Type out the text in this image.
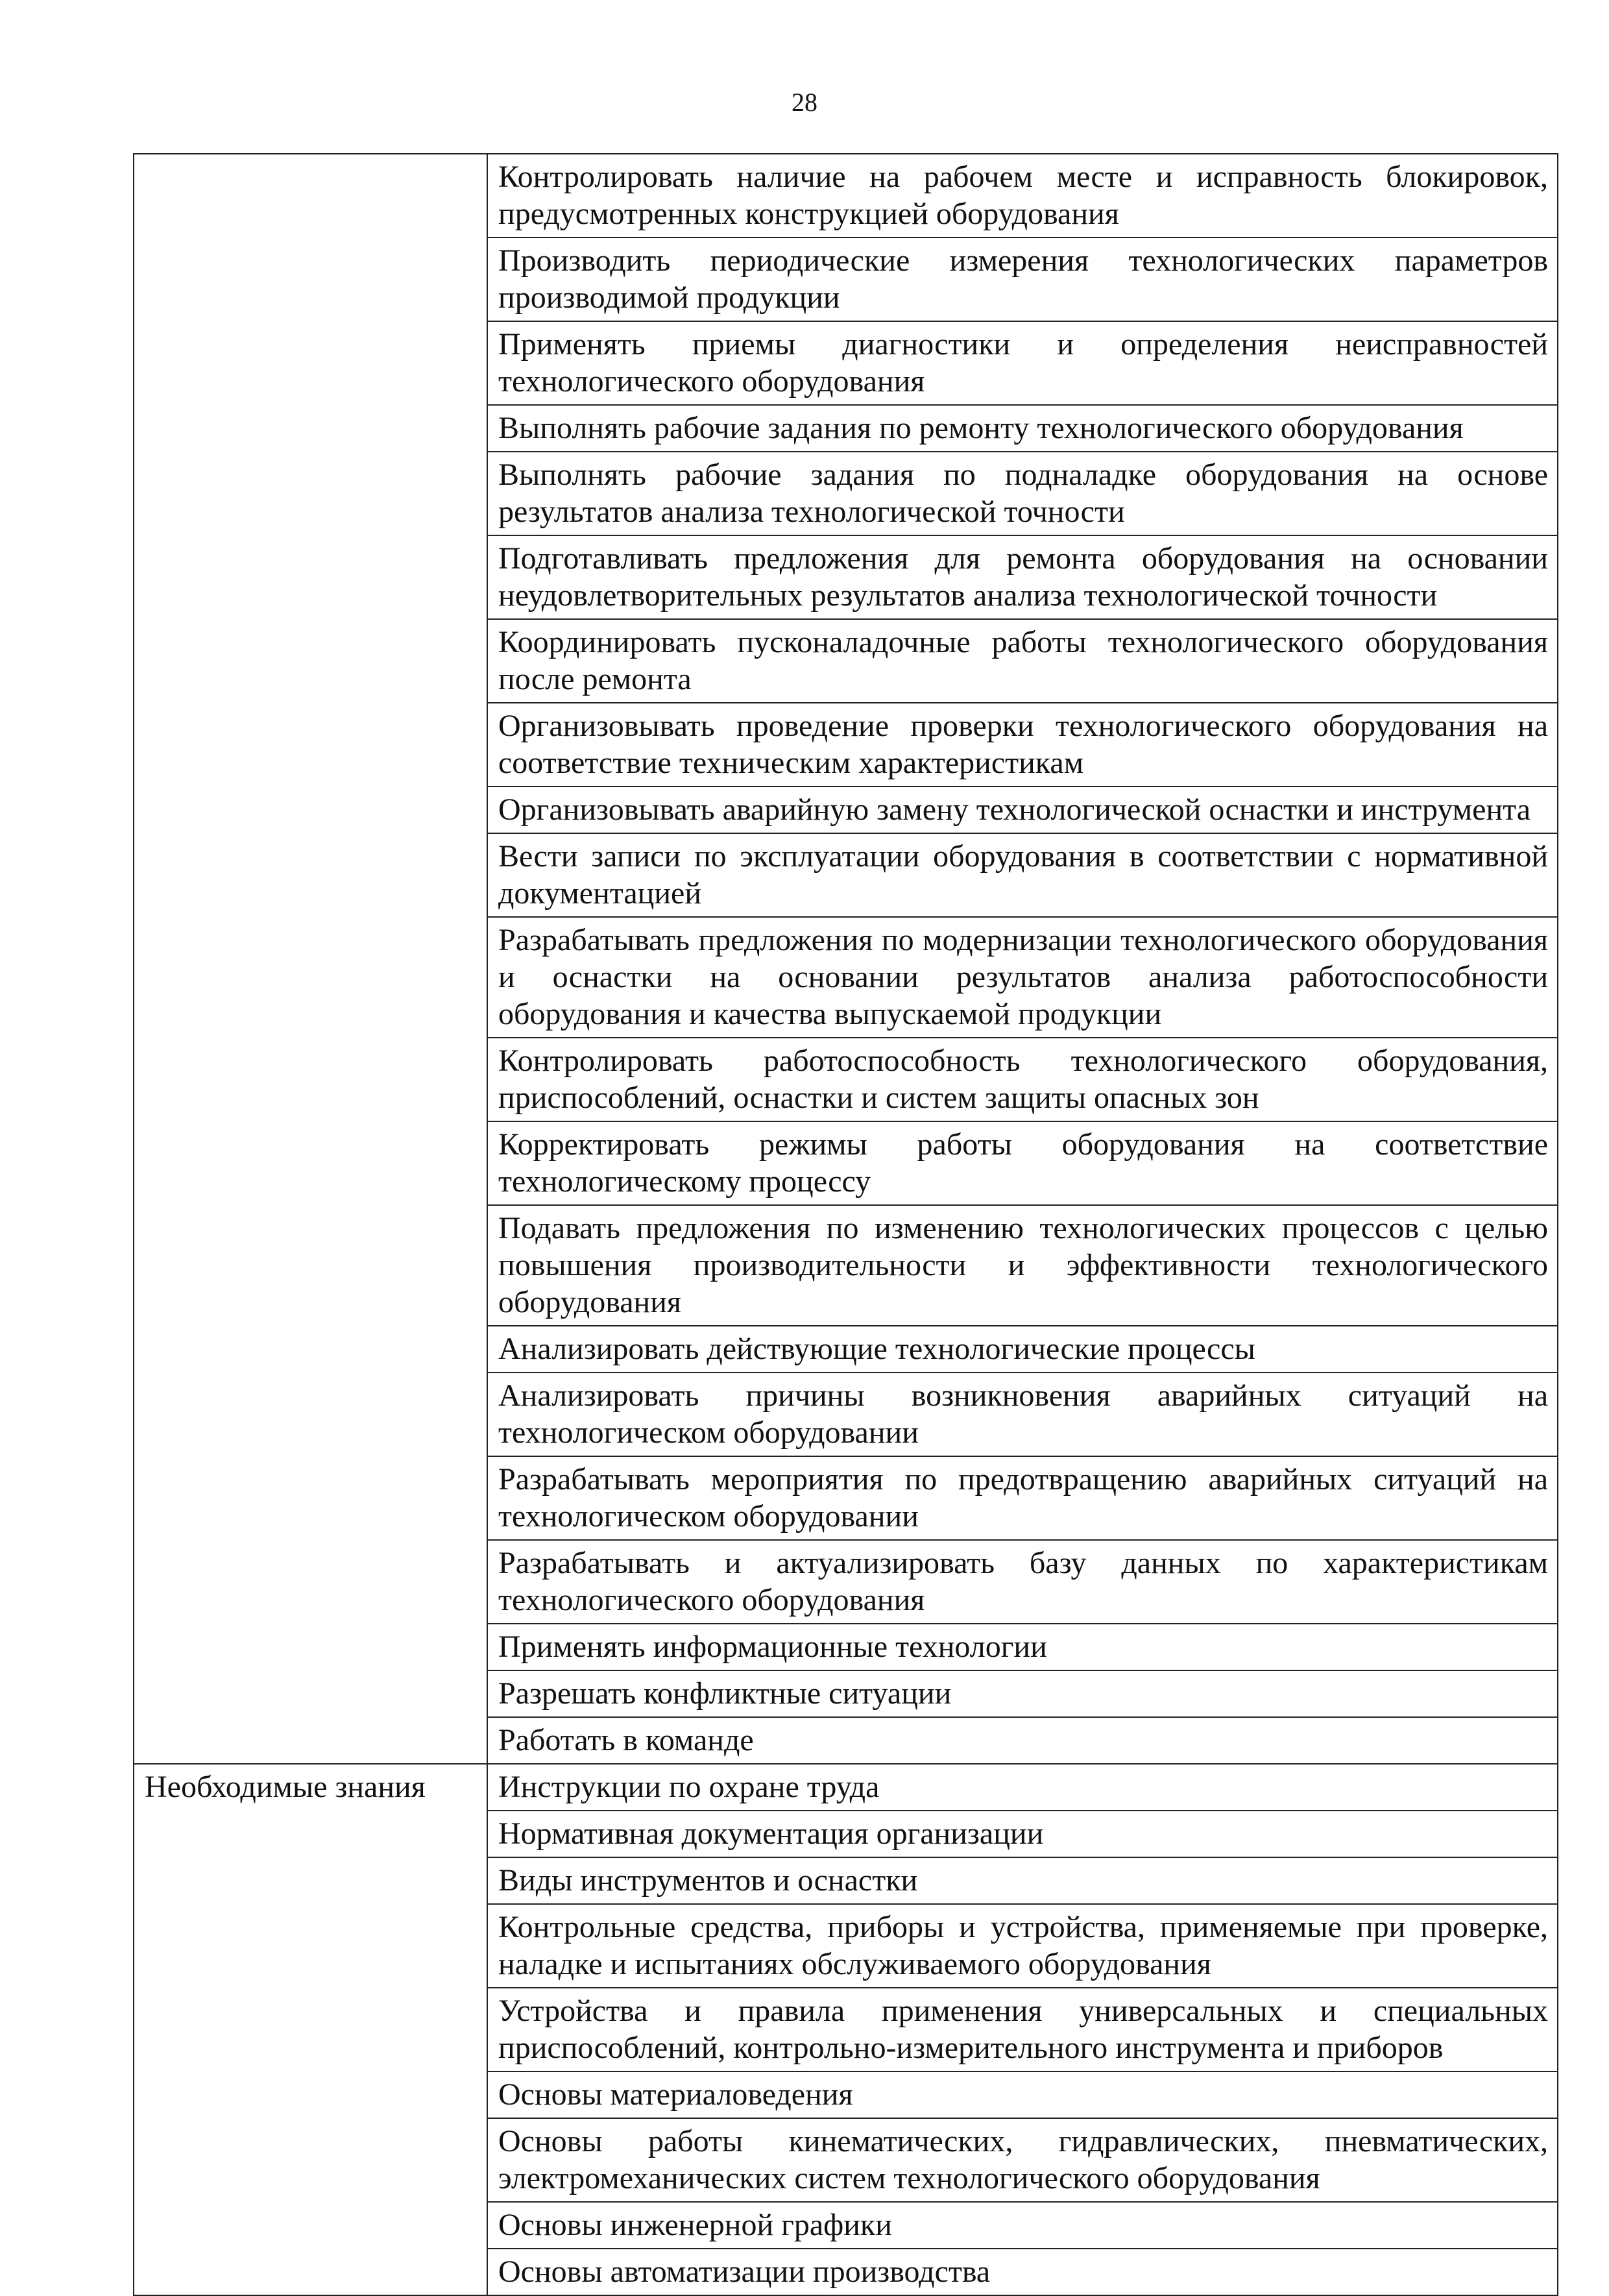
28
	Контролировать наличие на рабочем месте и исправность блокировок, предусмотренных конструкцией оборудования
	Производить периодические измерения технологических параметров производимой продукции
	Применять приемы диагностики и определения неисправностей технологического оборудования
	Выполнять рабочие задания по ремонту технологического оборудования
	Выполнять рабочие задания по подналадке оборудования на основе результатов анализа технологической точности
	Подготавливать предложения для ремонта оборудования на основании неудовлетворительных результатов анализа технологической точности
	Координировать пусконаладочные работы технологического оборудования после ремонта
	Организовывать проведение проверки технологического оборудования на соответствие техническим характеристикам
	Организовывать аварийную замену технологической оснастки и инструмента
	Вести записи по эксплуатации оборудования в соответствии с нормативной документацией
	Разрабатывать предложения по модернизации технологического оборудования и оснастки на основании результатов анализа работоспособности оборудования и качества выпускаемой продукции
	Контролировать работоспособность технологического оборудования, приспособлений, оснастки и систем защиты опасных зон
	Корректировать режимы работы оборудования на соответствие технологическому процессу
	Подавать предложения по изменению технологических процессов с целью повышения производительности и эффективности технологического оборудования
	Анализировать действующие технологические процессы
	Анализировать причины возникновения аварийных ситуаций на технологическом оборудовании
	Разрабатывать мероприятия по предотвращению аварийных ситуаций на технологическом оборудовании
	Разрабатывать и актуализировать базу данных по характеристикам технологического оборудования
	Применять информационные технологии
	Разрешать конфликтные ситуации
	Работать в команде
Необходимые знания	Инструкции по охране труда
	Нормативная документация организации
	Виды инструментов и оснастки
	Контрольные средства, приборы и устройства, применяемые при проверке, наладке и испытаниях обслуживаемого оборудования
	Устройства и правила применения универсальных и специальных приспособлений, контрольно-измерительного инструмента и приборов
	Основы материаловедения
	Основы работы кинематических, гидравлических, пневматических, электромеханических систем технологического оборудования
	Основы инженерной графики
	Основы автоматизации производства
